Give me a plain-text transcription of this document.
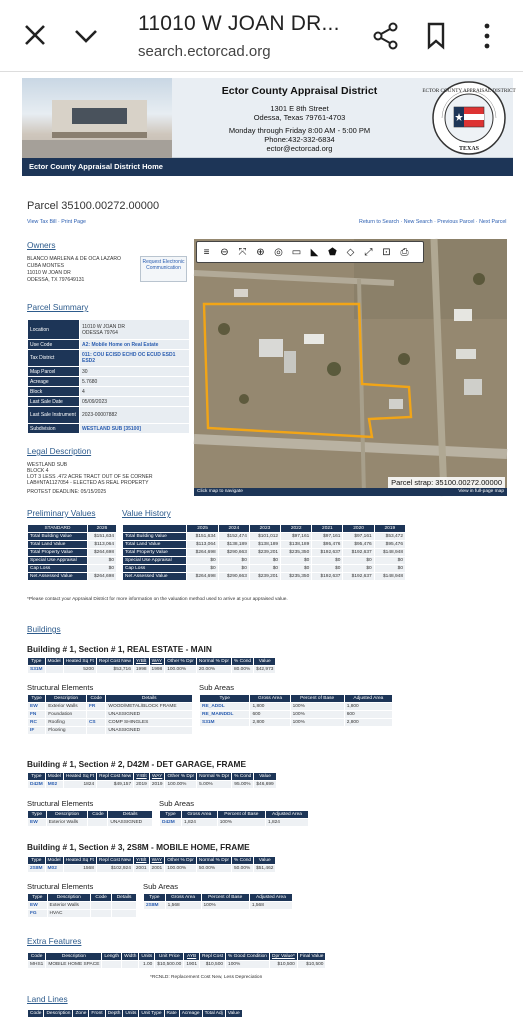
11010 W JOAN DR...
search.ectorcad.org
Ector County Appraisal District
1301 E 8th Street
Odessa, Texas 79761-4703
Monday through Friday 8:00 AM - 5:00 PM
Phone:432-332-6834
ector@ectorcad.org
ECTOR COUNTY APPRAISAL DISTRICT
TEXAS
Ector County Appraisal District Home
Parcel 35100.00272.00000
View Tax Bill · Print Page	Return to Search · New Search · Previous Parcel · Next Parcel
Owners
BLANCO MARLENA & DE OCA LAZARO
CUBA MONTES
11010 W JOAN DR
ODESSA, TX 797649131
Request Electronic Communication
Parcel Summary
Location	11010 W JOAN DR
ODESSA 79764
Use Code	A2: Mobile Home on Real Estate
Tax District	011: COU ECISD ECHD OC ECUD ESD1 ESD2
Map Parcel	30
Acreage	5.7680
Block	4
Last Sale Date	05/09/2023
Last Sale Instrument	2023-00007882
Subdivision	WESTLAND SUB [35100]
Legal Description
WESTLAND SUB
BLOCK 4
LOT 3 LESS .472 ACRE TRACT OUT OF SE CORNER
LAB#NTA1127054 - ELECTED AS REAL PROPERTY
PROTEST DEADLINE: 05/15/2025
≡ ⊖ ⤧ ⊕ ◎ ▭ ◣ ⬟ ◇ ⤢ ⊡ ⎙
Parcel strap: 35100.00272.00000
Click map to navigate	View in full-page map
Preliminary Values
STANDARD	2026
Total Building Value	$151,634
Total Land Value	$113,064
Total Property Value	$264,698
Special Use Appraisal	$0
Cap Loss	$0
Net Assessed Value	$264,698
Value History
	2025	2024	2023	2022	2021	2020	2019
Total Building Value	$151,634	$152,474	$101,012	$97,161	$97,161	$97,161	$53,472
Total Land Value	$113,064	$138,189	$138,189	$138,189	$95,476	$95,476	$95,476
Total Property Value	$264,698	$290,663	$239,201	$235,350	$192,637	$192,637	$148,948
Special Use Appraisal	$0	$0	$0	$0	$0	$0	$0
Cap Loss	$0	$0	$0	$0	$0	$0	$0
Net Assessed Value	$264,698	$290,663	$239,201	$235,350	$192,637	$192,637	$148,948
*Please contact your Appraisal District for more information on the valuation method used to arrive at your appraised value.
Buildings
Building # 1, Section # 1, REAL ESTATE - MAIN
Type	Model	Heated Sq Ft	Repl Cost New	YrBlt	WAY	Other % Dpr	Normal % Dpr	% Cond	Value
S31M		5200	$53,716	1998	1998	100.00%	20.00%	80.00%	$42,973
Structural Elements
Type	Description	Code	Details
EW	Exterior Walls	FR	WOOD/METAL/BLOCK FRAME
FN	Foundation		UNASSIGNED
RC	Roofing	CS	COMP SHINGLES
IF	Flooring		UNASSIGNED
Sub Areas
Type	Gross Area	Percent of Base	Adjusted Area
RE_ADDL	1,800	100%	1,800
RE_MAINDDL	600	100%	600
S31M	2,800	100%	2,800
Building # 1, Section # 2, D42M - DET GARAGE, FRAME
Type	Model	Heated Sq Ft	Repl Cost New	YrBlt	WAY	Other % Dpr	Normal % Dpr	% Cond	Value
D42M	M02	1824	$49,157	2019	2019	100.00%	5.00%	95.00%	$46,699
Structural Elements
Type	Description	Code	Details
EW	Exterior Walls		UNASSIGNED
Sub Areas
Type	Gross Area	Percent of Base	Adjusted Area
D42M	1,824	100%	1,824
Building # 1, Section # 3, 2S8M - MOBILE HOME, FRAME
Type	Model	Heated Sq Ft	Repl Cost New	YrBlt	WAY	Other % Dpr	Normal % Dpr	% Cond	Value
2S8M	M02	1568	$102,924	2001	2001	100.00%	50.00%	50.00%	$51,462
Structural Elements
Type	Description	Code	Details
EW	Exterior Walls		
FG	HVAC		
Sub Areas
Type	Gross Area	Percent of Base	Adjusted Area
2S8M	1,568	100%	1,568
Extra Features
Code	Description	Length	Width	Units	Unit Price	AYB	Repl Cost	% Good Condition	Dpr Value*	Final Value
MHS1	MOBILE HOME SPACE			1.00	$10,500.00	1901	$10,500	100%	$10,500	$10,500
*RCNLD: Replacement Cost New, Less Depreciation
Land Lines
Code	Description	Zone	Front	Depth	Units	Unit Type	Rate	Acreage	Total Adj	Value
